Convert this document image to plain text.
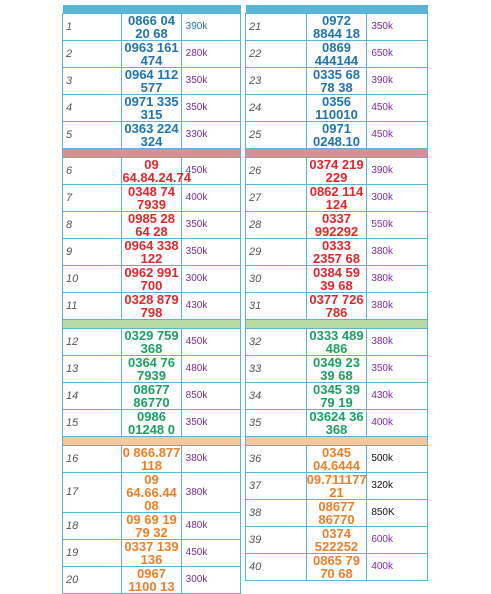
1	0866 04 20 68	390k
2	0963 161 474	280k
3	0964 112 577	350k
4	0971 335 315	350k
5	0363 224 324	330k

6	09 64.84.24.74	450k
7	0348 74 7939	400k
8	0985 28 64 28	350k
9	0964 338 122	350k
10	0962 991 700	300k
11	0328 879 798	430k

12	0329 759 368	450k
13	0364 76 7939	480k
14	08677 86770	850k
15	0986 01248 0	350k

16	0 866.877 118	380k
17	09 64.66.44 08	380k
18	09 69 19 79 32	480k
19	0337 139 136	450k
20	0967 1100 13	300k

21	0972 8844 18	350k
22	0869 444144	650k
23	0335 68 78 38	390k
24	0356 110010	450k
25	0971 0248.10	450k

26	0374 219 229	390k
27	0862 114 124	300k
28	0337 992292	550k
29	0333 2357 68	380k
30	0384 59 39 68	380k
31	0377 726 786	380k

32	0333 489 486	380k
33	0349 23 39 68	350k
34	0345 39 79 19	430k
35	03624 36 368	400k

36	0345 04.6444	500k
37	09.711177 21	320k
38	08677 86770	850K
39	0374 522252	600k
40	0865 79 70 68	400k
